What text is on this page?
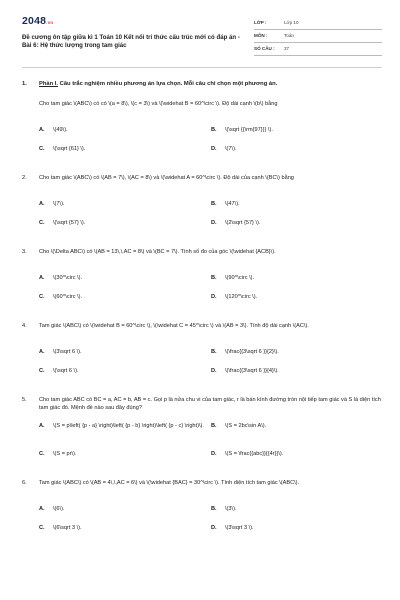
2048.vn
Đề cương ôn tập giữa kì 1 Toán 10 Kết nối tri thức cấu trúc mới có đáp án - Bài 6: Hệ thức lượng trong tam giác
LỚP :	Lớp 10
MÔN :	Toán
SỐ CÂU :	37
1.	Phần I. Câu trắc nghiệm nhiều phương án lựa chọn. Mỗi câu chỉ chọn một phương án.
Cho tam giác \(ABC\) có có \(a = 8\), \(c = 3\) và \(\widehat B = 60^\circ \). Độ dài cạnh \(b\) bằng
A.	\(49\).	B.	\(\sqrt {{\rm{97}}} \).
C.	\(\sqrt {61} \).	D.	\(7\).
2.	Cho tam giác \(ABC\) có \(AB = 7\), \(AC = 8\) và \(\widehat A = 60^\circ \). Độ dài của cạnh \(BC\) bằng
A.	\(7\).	B.	\(47\).
C.	\(\sqrt {57} \).	D.	\(2\sqrt {57} \).
3.	Cho \(\Delta ABC\) có \(AB = 13\,\,AC = 8\) và \(BC = 7\). Tính số đo của góc \(\widehat {ACB}\).
A.	\(30^\circ \).	B.	\(90^\circ \).
C.	\(60^\circ \).	D.	\(120^\circ \).
4.	Tam giác \(ABC\) có \(\widehat B = 60^\circ \), \(\widehat C = 45^\circ \) và \(AB = 3\). Tính độ dài cạnh \(AC\).
A.	\(3\sqrt 6 \).	B.	\(\frac{{3\sqrt 6 }}{2}\).
C.	\(\sqrt 6 \).	D.	\(\frac{{3\sqrt 6 }}{4}\).
5.	Cho tam giác ABC có BC = a, AC = b, AB = c. Gọi p là nửa chu vi của tam giác, r là bán kính đường tròn nội tiếp tam giác và S là diện tích tam giác đó. Mệnh đề nào sau đây đúng?
A.	\(S = p\left( {p - a} \right)\left( {p - b} \right)\left( {p - c} \right)\).	B.	\(S = 2bc\sin A\).
C.	\(S = pr\).	D.	\(S = \frac{{abc}}{{4r}}\).
6.	Tam giác \(ABC\) có \(AB = 4\,\,AC = 6\) và \(\widehat {BAC} = 30^\circ \). Tính diện tích tam giác \(ABC\).
A.	\(6\).	B.	\(3\).
C.	\(6\sqrt 3 \).	D.	\(3\sqrt 3 \).
